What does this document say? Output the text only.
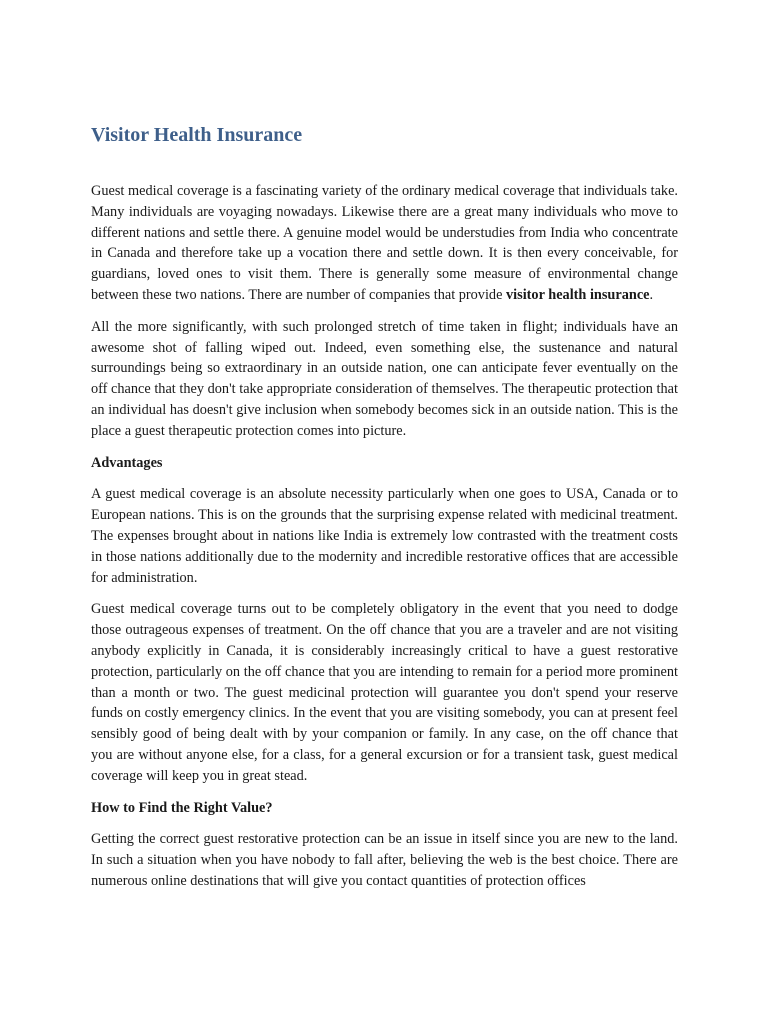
Visitor Health Insurance

Guest medical coverage is a fascinating variety of the ordinary medical coverage that individuals take. Many individuals are voyaging nowadays. Likewise there are a great many individuals who move to different nations and settle there. A genuine model would be understudies from India who concentrate in Canada and therefore take up a vocation there and settle down. It is then every conceivable, for guardians, loved ones to visit them. There is generally some measure of environmental change between these two nations. There are number of companies that provide visitor health insurance.

All the more significantly, with such prolonged stretch of time taken in flight; individuals have an awesome shot of falling wiped out. Indeed, even something else, the sustenance and natural surroundings being so extraordinary in an outside nation, one can anticipate fever eventually on the off chance that they don't take appropriate consideration of themselves. The therapeutic protection that an individual has doesn't give inclusion when somebody becomes sick in an outside nation. This is the place a guest therapeutic protection comes into picture.

Advantages

A guest medical coverage is an absolute necessity particularly when one goes to USA, Canada or to European nations. This is on the grounds that the surprising expense related with medicinal treatment. The expenses brought about in nations like India is extremely low contrasted with the treatment costs in those nations additionally due to the modernity and incredible restorative offices that are accessible for administration.

Guest medical coverage turns out to be completely obligatory in the event that you need to dodge those outrageous expenses of treatment. On the off chance that you are a traveler and are not visiting anybody explicitly in Canada, it is considerably increasingly critical to have a guest restorative protection, particularly on the off chance that you are intending to remain for a period more prominent than a month or two. The guest medicinal protection will guarantee you don't spend your reserve funds on costly emergency clinics. In the event that you are visiting somebody, you can at present feel sensibly good of being dealt with by your companion or family. In any case, on the off chance that you are without anyone else, for a class, for a general excursion or for a transient task, guest medical coverage will keep you in great stead.

How to Find the Right Value?

Getting the correct guest restorative protection can be an issue in itself since you are new to the land. In such a situation when you have nobody to fall after, believing the web is the best choice. There are numerous online destinations that will give you contact quantities of protection offices
